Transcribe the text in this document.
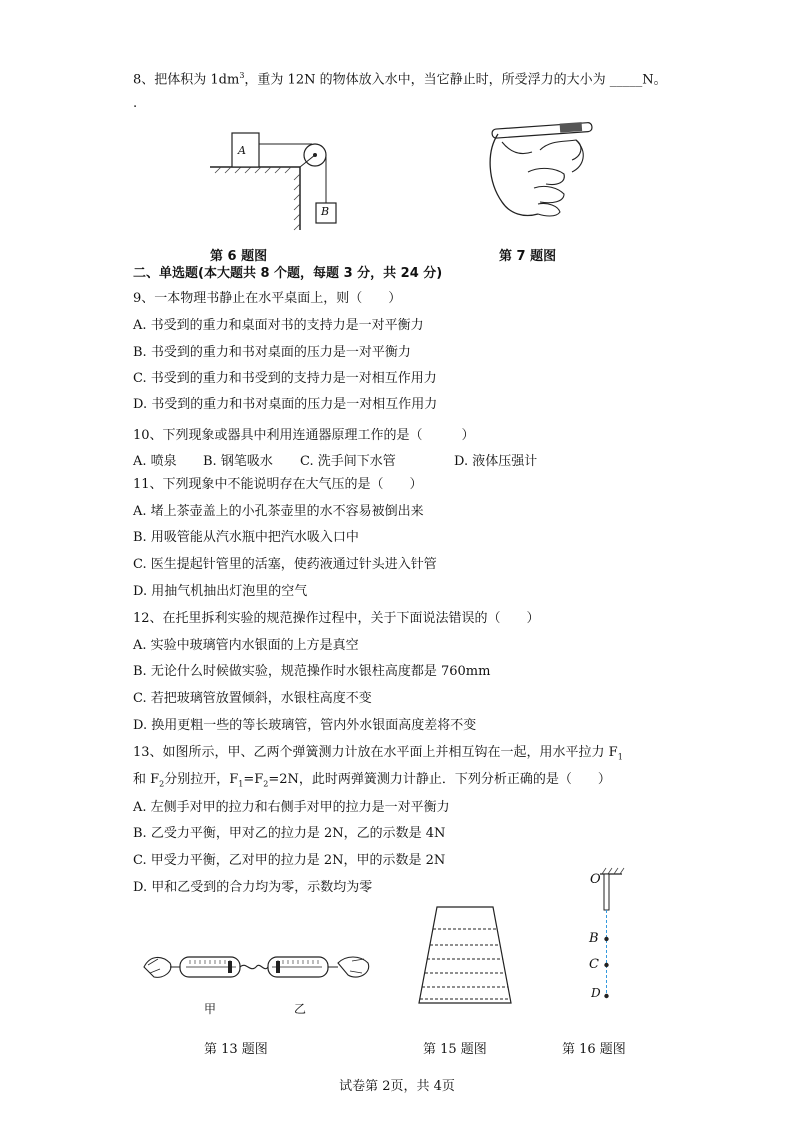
8、把体积为 $1dm^3$，重为 12N 的物体放入水中，当它静止时，所受浮力的大小为 _____N。
.
A
B
第 6 题图	第 7 题图
二、单选题(本大题共 8 个题，每题 3 分，共 24 分)
9、一本物理书静止在水平桌面上，则（　　）
A. 书受到的重力和桌面对书的支持力是一对平衡力
B. 书受到的重力和书对桌面的压力是一对平衡力
C. 书受到的重力和书受到的支持力是一对相互作用力
D. 书受到的重力和书对桌面的压力是一对相互作用力
10、下列现象或器具中利用连通器原理工作的是（　　　）
A. 喷泉 B. 钢笔吸水 C. 洗手间下水管	D. 液体压强计
11、下列现象中不能说明存在大气压的是（　　）
A. 堵上茶壶盖上的小孔茶壶里的水不容易被倒出来
B. 用吸管能从汽水瓶中把汽水吸入口中
C. 医生提起针管里的活塞，使药液通过针头进入针管
D. 用抽气机抽出灯泡里的空气
12、在托里拆利实验的规范操作过程中，关于下面说法错误的（　　）
A. 实验中玻璃管内水银面的上方是真空
B. 无论什么时候做实验，规范操作时水银柱高度都是 760mm
C. 若把玻璃管放置倾斜，水银柱高度不变
D. 换用更粗一些的等长玻璃管，管内外水银面高度差将不变
13、如图所示，甲、乙两个弹簧测力计放在水平面上并相互钩在一起，用水平拉力 $F_1$
和 $F_2$分别拉开，$F_1=F_2=2N$，此时两弹簧测力计静止．下列分析正确的是（　　）
A. 左侧手对甲的拉力和右侧手对甲的拉力是一对平衡力
B. 乙受力平衡，甲对乙的拉力是 2N，乙的示数是 4N
C. 甲受力平衡，乙对甲的拉力是 2N，甲的示数是 2N
D. 甲和乙受到的合力均为零，示数均为零
甲	乙
第 13 题图	第 15 题图
O
B
C
D
第 16 题图
试卷第 2页，共 4页
